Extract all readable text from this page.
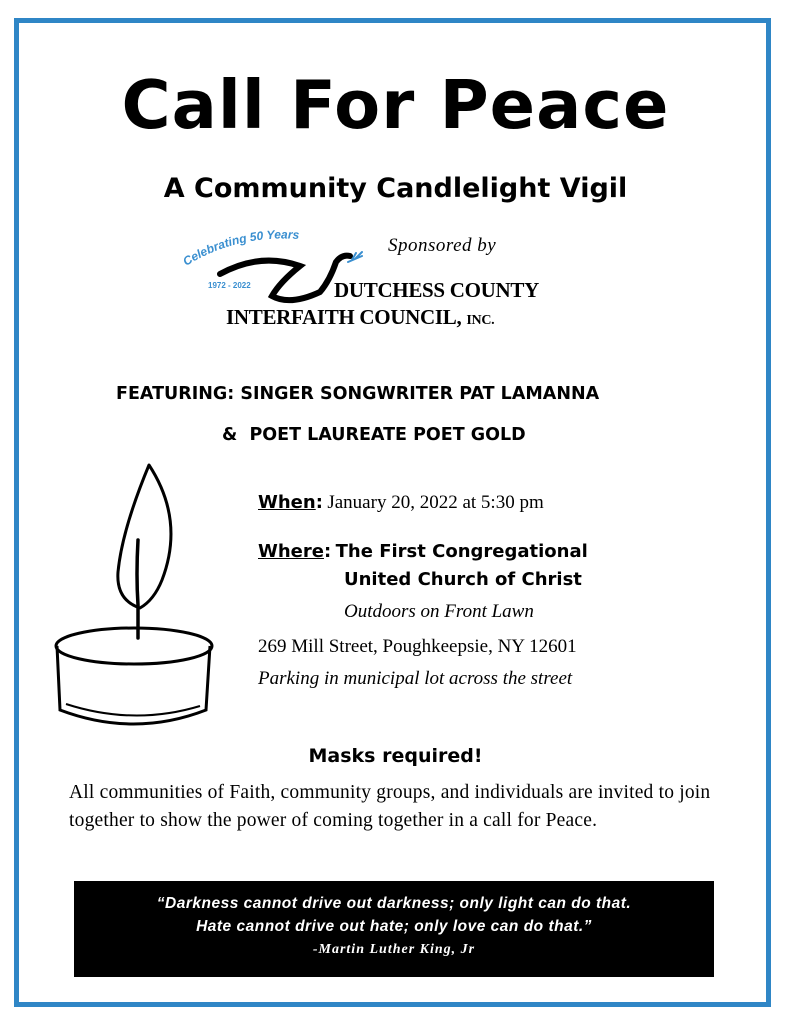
Call For Peace
A Community Candlelight Vigil
Celebrating 50 Years
1972 - 2022
Sponsored by
DUTCHESS COUNTY
INTERFAITH COUNCIL, INC.
FEATURING: SINGER SONGWRITER PAT LAMANNA
&  POET LAUREATE POET GOLD
When: January 20, 2022 at 5:30 pm
Where: The First Congregational
United Church of Christ
Outdoors on Front Lawn
269 Mill Street, Poughkeepsie, NY 12601
Parking in municipal lot across the street
Masks required!
All communities of Faith, community groups, and individuals are invited to join together to show the power of coming together in a call for Peace.
“Darkness cannot drive out darkness; only light can do that.
Hate cannot drive out hate; only love can do that.”
-Martin Luther King, Jr
